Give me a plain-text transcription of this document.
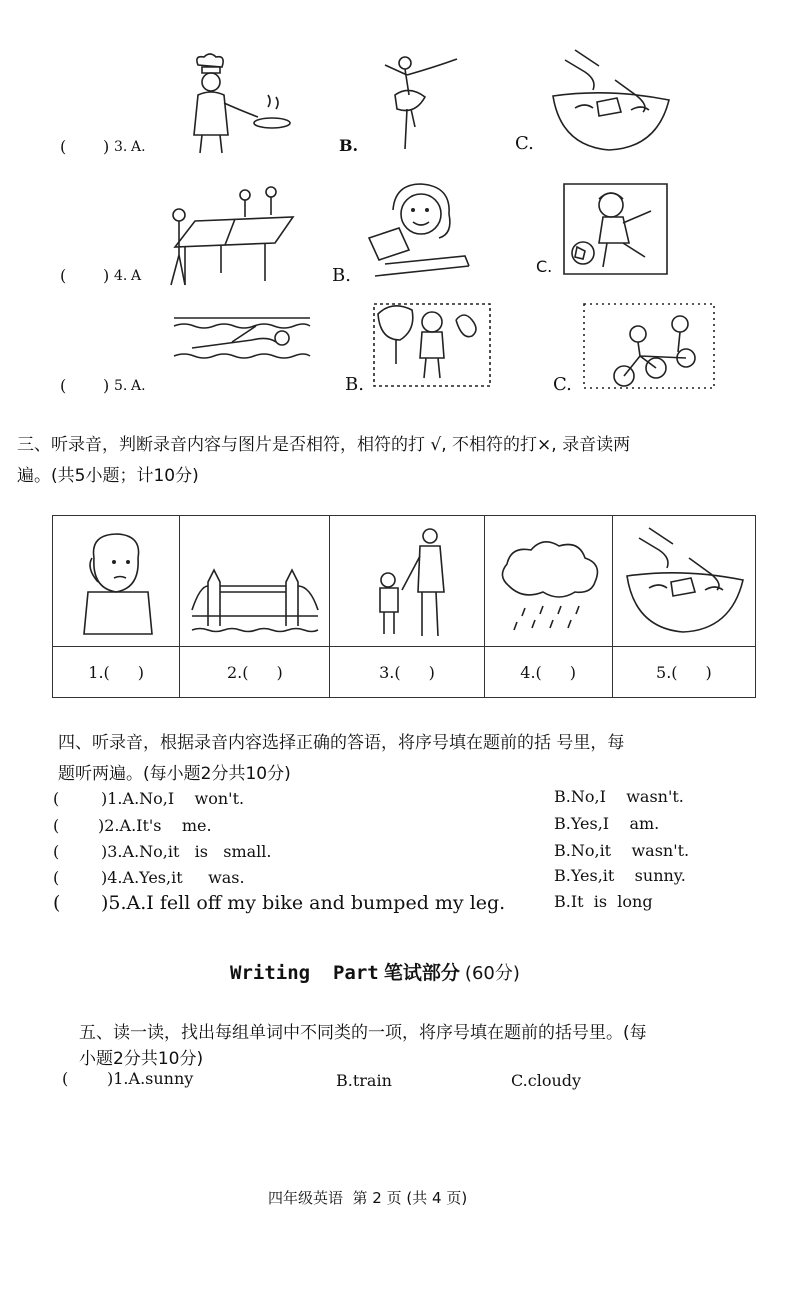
( ) 3. A.	B.	C.
( ) 4. A	B.	C.
( ) 5. A.	B.	C.
三、听录音，判断录音内容与图片是否相符，相符的打 √, 不相符的打×, 录音读两
遍。(共5小题；计10分)

1.( )	2.( )	3.( )	4.( )	5.( )
四、听录音，根据录音内容选择正确的答语，将序号填在题前的括 号里，每
题听两遍。(每小题2分共10分)
(	)1.A.No,I    won't.	B.No,I    wasn't.
( )2.A.It's    me.	B.Yes,I    am.
(	)3.A.No,it   is   small.	B.No,it    wasn't.
(	)4.A.Yes,it     was.	B.Yes,it    sunny.
( )5.A.I fell off my bike and bumped my leg.	B.It  is  long
Writing  Part 笔试部分 (60分)
五、读一读，找出每组单词中不同类的一项，将序号填在题前的括号里。(每
小题2分共10分)
( )1.A.sunny	B.train	C.cloudy
四年级英语  第 2 页 (共 4 页)
